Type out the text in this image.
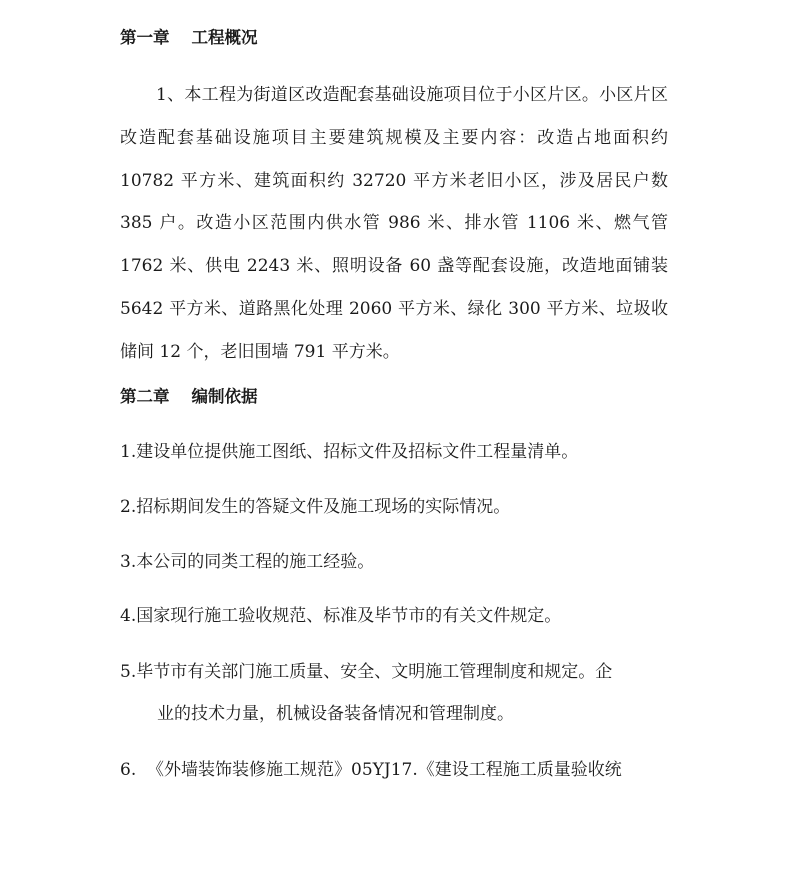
第一章 工程概况

1、本工程为街道区改造配套基础设施项目位于小区片区。小区片区改造配套基础设施项目主要建筑规模及主要内容：改造占地面积约 10782 平方米、建筑面积约 32720 平方米老旧小区，涉及居民户数 385 户。改造小区范围内供水管 986 米、排水管 1106 米、燃气管 1762 米、供电 2243 米、照明设备 60 盏等配套设施，改造地面铺装 5642 平方米、道路黑化处理 2060 平方米、绿化 300 平方米、垃圾收储间 12 个，老旧围墙 791 平方米。

第二章 编制依据

1.建设单位提供施工图纸、招标文件及招标文件工程量清单。

2.招标期间发生的答疑文件及施工现场的实际情况。

3.本公司的同类工程的施工经验。

4.国家现行施工验收规范、标准及毕节市的有关文件规定。

5.毕节市有关部门施工质量、安全、文明施工管理制度和规定。企

业的技术力量，机械设备装备情况和管理制度。

6.  《外墙装饰装修施工规范》05YJ17.《建设工程施工质量验收统
